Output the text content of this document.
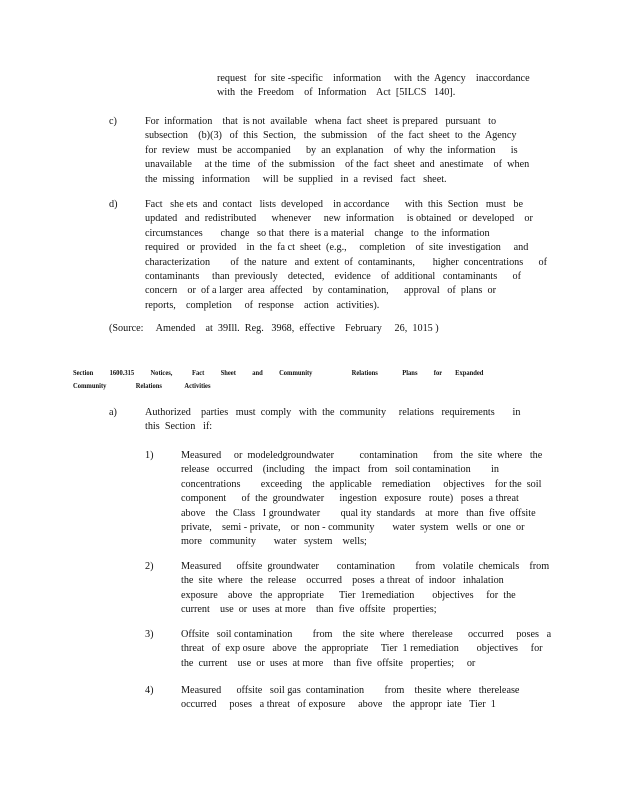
request   for  site -specific    information     with  the  Agency    inaccordance
with  the  Freedom    of  Information    Act  [5ILCS   140].
c)	For  information    that  is not  available   whena  fact  sheet  is prepared   pursuant   to
subsection    (b)(3)   of  this  Section,   the  submission    of  the  fact  sheet  to  the  Agency
for  review   must  be  accompanied      by  an  explanation    of  why  the  information      is
unavailable     at the  time   of  the  submission    of the  fact  sheet  and  anestimate    of  when
the  missing   information     will  be  supplied   in  a  revised   fact   sheet.
d)	Fact   she ets  and  contact   lists  developed    in accordance      with  this  Section   must   be
updated   and  redistributed      whenever     new  information     is obtained   or  developed    or
circumstances       change   so that  there  is a material    change   to  the  information
required   or  provided    in  the  fa ct  sheet  (e.g.,     completion    of  site  investigation     and
characterization        of  the  nature   and  extent  of  contaminants,       higher  concentrations      of
contaminants     than  previously    detected,    evidence    of  additional   contaminants      of
concern    or  of a larger  area  affected    by  contamination,      approval   of  plans  or
reports,    completion     of  response    action   activities).
(Source:     Amended    at  39Ill.  Reg.   3968,  effective    February     26,  1015 )
Section          1600.315          Notices,            Fact          Sheet          and          Community                        Relations               Plans          for        Expanded
Community                  Relations              Activities
a)	Authorized    parties   must  comply   with  the  community     relations   requirements       in
this  Section   if:
1)	Measured     or  modeledgroundwater          contamination      from   the  site  where   the
release   occurred    (including    the  impact   from   soil contamination        in
concentrations        exceeding    the  applicable    remediation     objectives    for the  soil
component      of  the  groundwater      ingestion   exposure   route)   poses  a threat
above    the  Class   I groundwater        qual ity  standards    at  more   than  five  offsite
private,    semi - private,    or  non - community       water  system   wells  or  one  or
more   community       water   system    wells;
2)	Measured      offsite  groundwater       contamination        from   volatile  chemicals    from
the  site  where   the  release    occurred    poses  a threat  of  indoor   inhalation
exposure    above   the  appropriate      Tier  1remediation       objectives     for  the
current    use  or  uses  at more    than  five  offsite   properties;
3)	Offsite   soil contamination        from    the  site  where   therelease      occurred     poses   a
threat   of  exp osure   above   the  appropriate     Tier  1 remediation       objectives     for
the  current    use  or  uses  at more    than  five  offsite   properties;     or
4)	Measured      offsite   soil gas  contamination        from    thesite  where   therelease
occurred     poses   a threat   of exposure     above    the  appropr  iate   Tier  1
